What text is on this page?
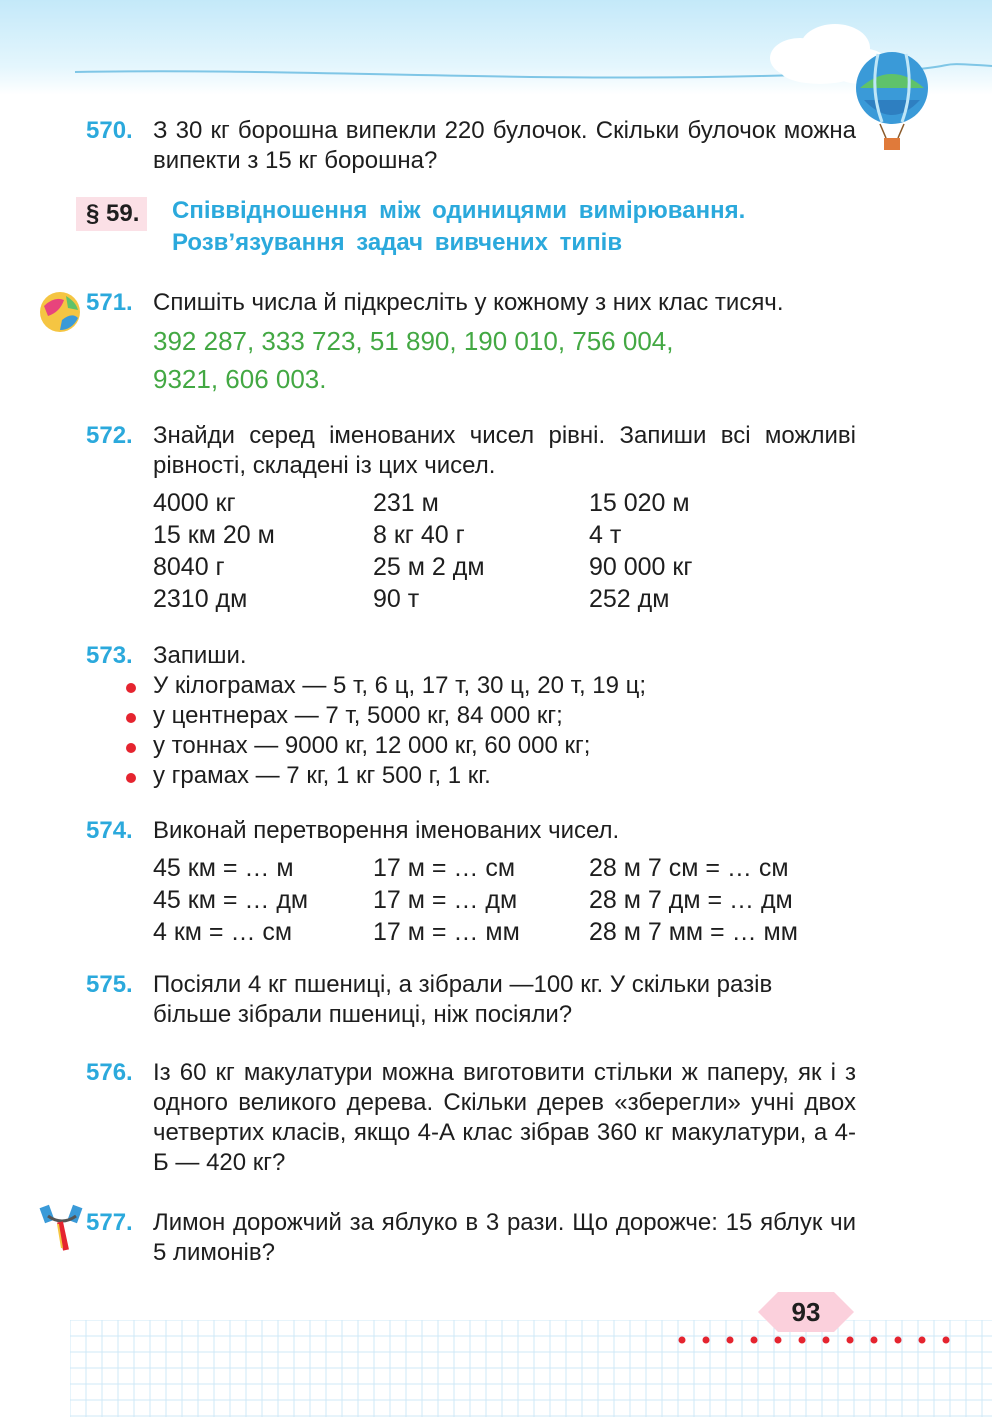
570. З 30 кг борошна випекли 220 булочок. Скільки булочок можна випекти з 15 кг борошна?
§ 59.	Співвідношення між одиницями вимірювання.
Розв’язування задач вивчених типів
571. Спишіть числа й підкресліть у кожному з них клас тисяч.
392 287, 333 723, 51 890, 190 010, 756 004,
9321, 606 003.
572. Знайди серед іменованих чисел рівні. Запиши всі можливі рівності, складені із цих чисел.
4000 кг	231 м	15 020 м
15 км 20 м	8 кг 40 г	4 т
8040 г	25 м 2 дм	90 000 кг
2310 дм	90 т	252 дм
573. Запиши.
У кілограмах — 5 т, 6 ц, 17 т, 30 ц, 20 т, 19 ц;
у центнерах — 7 т, 5000 кг, 84 000 кг;
у тоннах — 9000 кг, 12 000 кг, 60 000 кг;
у грамах — 7 кг, 1 кг 500 г, 1 кг.
574. Виконай перетворення іменованих чисел.
45 км = … м	17 м = … см	28 м 7 см = … см
45 км = … дм	17 м = … дм	28 м 7 дм = … дм
4 км = … см	17 м = … мм	28 м 7 мм = … мм
575. Посіяли 4 кг пшениці, а зібрали —100 кг. У скільки разів більше зібрали пшениці, ніж посіяли?
576. Із 60 кг макулатури можна виготовити стільки ж паперу, як і з одного великого дерева. Скільки дерев «зберегли» учні двох четвертих класів, якщо 4-А клас зібрав 360 кг макулатури, а 4-Б — 420 кг?
577. Лимон дорожчий за яблуко в 3 рази. Що дорожче: 15 яблук чи 5 лимонів?
93
